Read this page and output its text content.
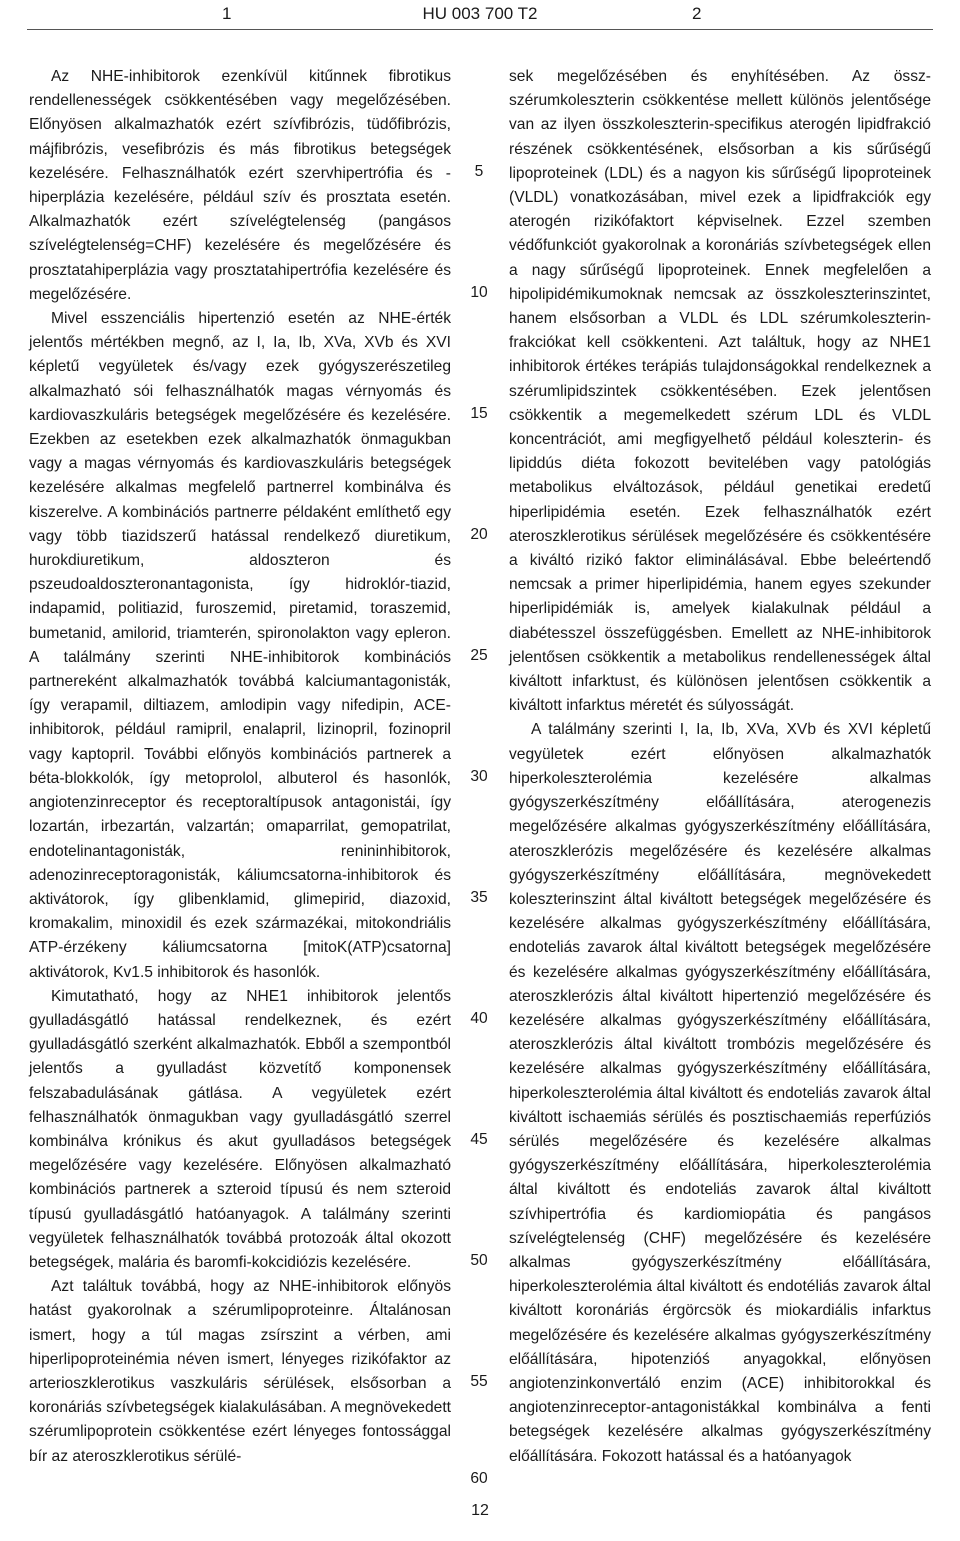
1	HU 003 700 T2	2

Az NHE-inhibitorok ezenkívül kitűnnek fibrotikus rendellenességek csökkentésében vagy megelőzésében. Előnyösen alkalmazhatók ezért szívfibrózis, tüdőfibrózis, májfibrózis, vesefibrózis és más fibrotikus betegségek kezelésére. Felhasználhatók ezért szervhipertrófia és -hiperplázia kezelésére, például szív és prosztata esetén. Alkalmazhatók ezért szívelégtelenség (pangásos szívelégtelenség=CHF) kezelésére és megelőzésére és prosztatahiperplázia vagy prosztatahipertrófia kezelésére és megelőzésére.

Mivel esszenciális hipertenzió esetén az NHE-érték jelentős mértékben megnő, az I, Ia, Ib, XVa, XVb és XVI képletű vegyületek és/vagy ezek gyógyszerészetileg alkalmazható sói felhasználhatók magas vérnyomás és kardiovaszkuláris betegségek megelőzésére és kezelésére. Ezekben az esetekben ezek alkalmazhatók önmagukban vagy a magas vérnyomás és kardiovaszkuláris betegségek kezelésére alkalmas megfelelő partnerrel kombinálva és kiszerelve. A kombinációs partnerre példaként említhető egy vagy több tiazidszerű hatással rendelkező diuretikum, hurokdiuretikum, aldoszteron és pszeudoaldoszteronantagonista, így hidroklór-tiazid, indapamid, politiazid, furoszemid, piretamid, toraszemid, bumetanid, amilorid, triamterén, spironolakton vagy epleron. A találmány szerinti NHE-inhibitorok kombinációs partnereként alkalmazhatók továbbá kalciumantagonisták, így verapamil, diltiazem, amlodipin vagy nifedipin, ACE-inhibitorok, például ramipril, enalapril, lizinopril, fozinopril vagy kaptopril. További előnyös kombinációs partnerek a béta-blokkolók, így metoprolol, albuterol és hasonlók, angiotenzinreceptor és receptoraltípusok antagonistái, így lozartán, irbezartán, valzartán; omaparrilat, gemopatrilat, endotelinantagonisták, renininhibitorok, adenozinreceptoragonisták, káliumcsatorna-inhibitorok és aktivátorok, így glibenklamid, glimepirid, diazoxid, kromakalim, minoxidil és ezek származékai, mitokondriális ATP-érzékeny káliumcsatorna [mitoK(ATP)csatorna] aktivátorok, Kv1.5 inhibitorok és hasonlók.

Kimutatható, hogy az NHE1 inhibitorok jelentős gyulladásgátló hatással rendelkeznek, és ezért gyulladásgátló szerként alkalmazhatók. Ebből a szempontból jelentős a gyulladást közvetítő komponensek felszabadulásának gátlása. A vegyületek ezért felhasználhatók önmagukban vagy gyulladásgátló szerrel kombinálva krónikus és akut gyulladásos betegségek megelőzésére vagy kezelésére. Előnyösen alkalmazható kombinációs partnerek a szteroid típusú és nem szteroid típusú gyulladásgátló hatóanyagok. A találmány szerinti vegyületek felhasználhatók továbbá protozoák által okozott betegségek, malária és baromfi-kokcidiózis kezelésére.

Azt találtuk továbbá, hogy az NHE-inhibitorok előnyös hatást gyakorolnak a szérumlipoproteinre. Általánosan ismert, hogy a túl magas zsírszint a vérben, ami hiperlipoproteinémia néven ismert, lényeges rizikófaktor az arterioszklerotikus vaszkuláris sérülések, elsősorban a koronáriás szívbetegségek kialakulásában. A megnövekedett szérumlipoprotein csökkentése ezért lényeges fontossággal bír az ateroszklerotikus sérülé-

sek megelőzésében és enyhítésében. Az össz-szérumkoleszterin csökkentése mellett különös jelentősége van az ilyen összkoleszterin-specifikus aterogén lipidfrakció részének csökkentésének, elsősorban a kis sűrűségű lipoproteinek (LDL) és a nagyon kis sűrűségű lipoproteinek (VLDL) vonatkozásában, mivel ezek a lipidfrakciók egy aterogén rizikófaktort képviselnek. Ezzel szemben védőfunkciót gyakorolnak a koronáriás szívbetegségek ellen a nagy sűrűségű lipoproteinek. Ennek megfelelően a hipolipidémikumoknak nemcsak az összkoleszterinszintet, hanem elsősorban a VLDL és LDL szérumkoleszterin-frakciókat kell csökkenteni. Azt találtuk, hogy az NHE1 inhibitorok értékes terápiás tulajdonságokkal rendelkeznek a szérumlipidszintek csökkentésében. Ezek jelentősen csökkentik a megemelkedett szérum LDL és VLDL koncentrációt, ami megfigyelhető például koleszterin- és lipiddús diéta fokozott bevitelében vagy patológiás metabolikus elváltozások, például genetikai eredetű hiperlipidémia esetén. Ezek felhasználhatók ezért ateroszklerotikus sérülések megelőzésére és csökkentésére a kiváltó rizikó faktor eliminálásával. Ebbe beleértendő nemcsak a primer hiperlipidémia, hanem egyes szekunder hiperlipidémiák is, amelyek kialakulnak például a diabétesszel összefüggésben. Emellett az NHE-inhibitorok jelentősen csökkentik a metabolikus rendellenességek által kiváltott infarktust, és különösen jelentősen csökkentik a kiváltott infarktus méretét és súlyosságát.

A találmány szerinti I, Ia, Ib, XVa, XVb és XVI képletű vegyületek ezért előnyösen alkalmazhatók hiperkoleszterolémia kezelésére alkalmas gyógyszerkészítmény előállítására, aterogenezis megelőzésére alkalmas gyógyszerkészítmény előállítására, ateroszklerózis megelőzésére és kezelésére alkalmas gyógyszerkészítmény előállítására, megnövekedett koleszterinszint által kiváltott betegségek megelőzésére és kezelésére alkalmas gyógyszerkészítmény előállítására, endoteliás zavarok által kiváltott betegségek megelőzésére és kezelésére alkalmas gyógyszerkészítmény előállítására, ateroszklerózis által kiváltott hipertenzió megelőzésére és kezelésére alkalmas gyógyszerkészítmény előállítására, ateroszklerózis által kiváltott trombózis megelőzésére és kezelésére alkalmas gyógyszerkészítmény előállítására, hiperkoleszterolémia által kiváltott és endoteliás zavarok által kiváltott ischaemiás sérülés és posztischaemiás reperfúziós sérülés megelőzésére és kezelésére alkalmas gyógyszerkészítmény előállítására, hiperkoleszterolémia által kiváltott és endoteliás zavarok által kiváltott szívhipertrófia és kardiomiopátia és pangásos szívelégtelenség (CHF) megelőzésére és kezelésére alkalmas gyógyszerkészítmény előállítására, hiperkoleszterolémia által kiváltott és endotéliás zavarok által kiváltott koronáriás érgörcsök és miokardiális infarktus megelőzésére és kezelésére alkalmas gyógyszerkészítmény előállítására, hipotenzióś anyagokkal, előnyösen angiotenzinkonvertáló enzim (ACE) inhibitorokkal és angiotenzinreceptor-antagonistákkal kombinálva a fenti betegségek kezelésére alkalmas gyógyszerkészítmény előállítására. Fokozott hatással és a hatóanyagok

5
10
15
20
25
30
35
40
45
50
55
60
12
